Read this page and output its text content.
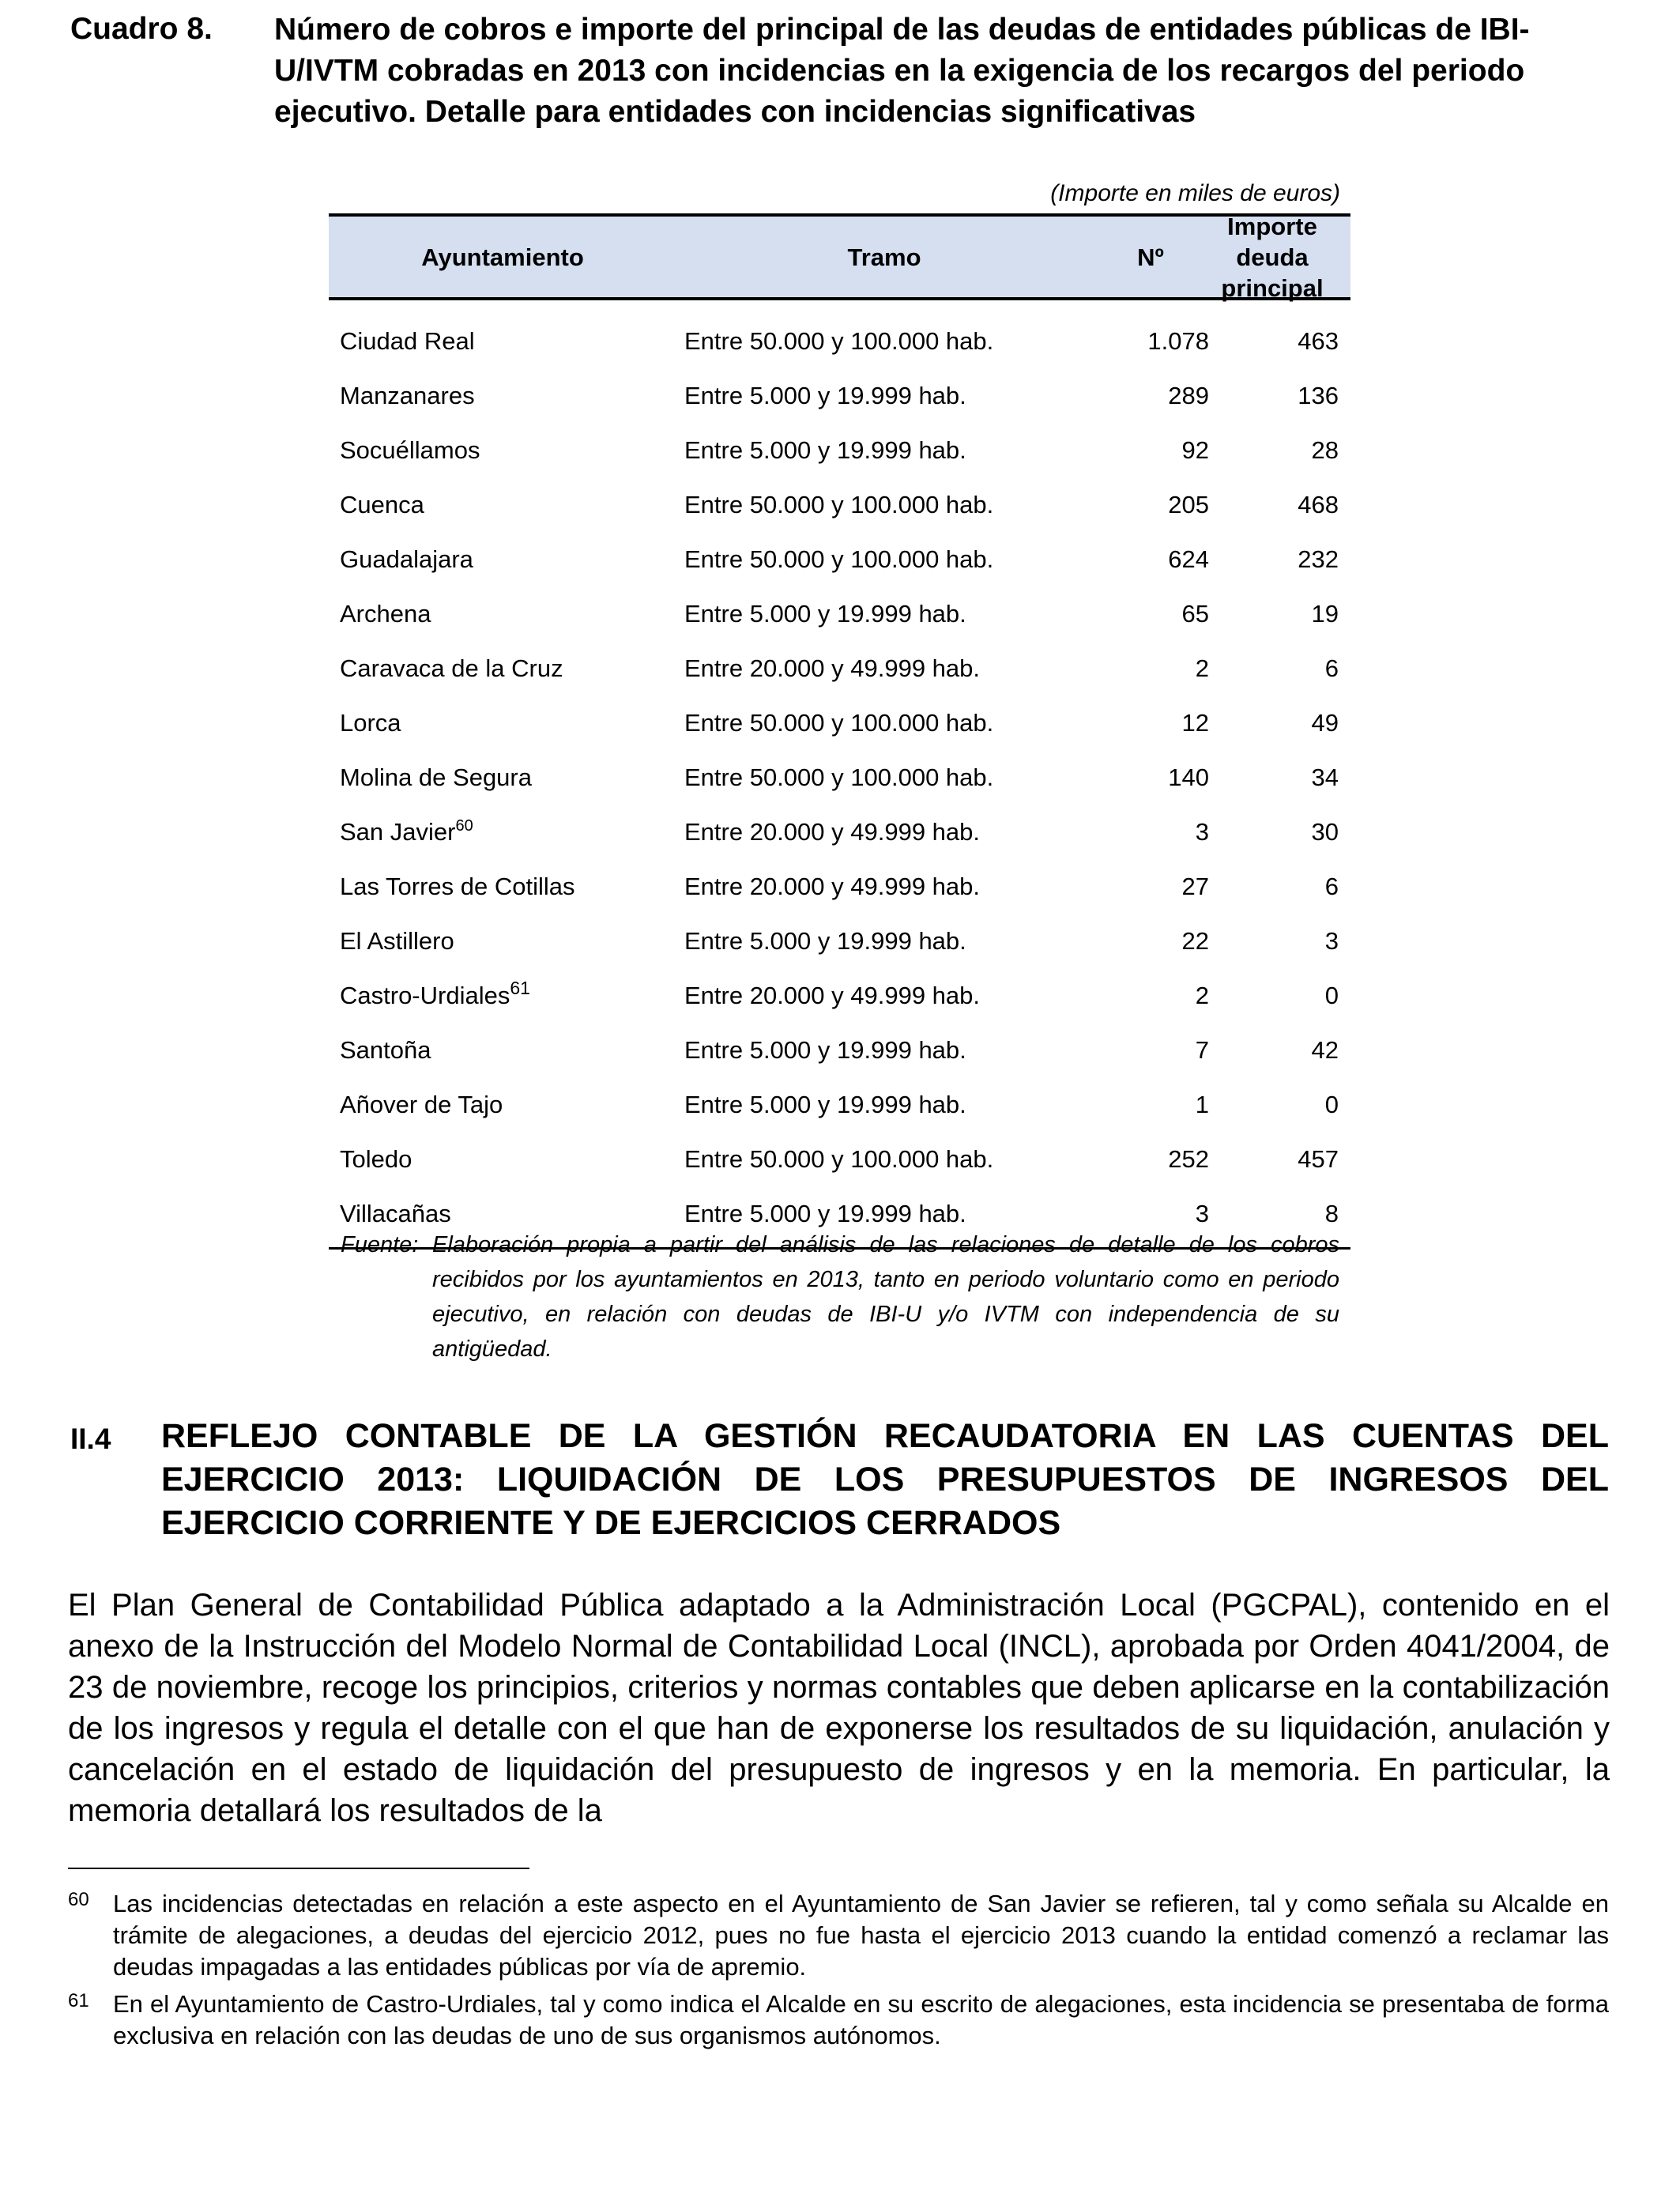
Cuadro 8. Número de cobros e importe del principal de las deudas de entidades públicas de IBI-U/IVTM cobradas en 2013 con incidencias en la exigencia de los recargos del periodo ejecutivo. Detalle para entidades con incidencias significativas
(Importe en miles de euros)
Ayuntamiento	Tramo	Nº
Importe deuda
principal
Ciudad Real	Entre 50.000 y 100.000 hab.	1.078	463
Manzanares	Entre 5.000 y 19.999 hab.	289	136
Socuéllamos	Entre 5.000 y 19.999 hab.	92	28
Cuenca	Entre 50.000 y 100.000 hab.	205	468
Guadalajara	Entre 50.000 y 100.000 hab.	624	232
Archena	Entre 5.000 y 19.999 hab.	65	19
Caravaca de la Cruz	Entre 20.000 y 49.999 hab.	2	6
Lorca	Entre 50.000 y 100.000 hab.	12	49
Molina de Segura	Entre 50.000 y 100.000 hab.	140	34
San Javier$^{60}$	Entre 20.000 y 49.999 hab.	3	30
Las Torres de Cotillas	Entre 20.000 y 49.999 hab.	27	6
El Astillero	Entre 5.000 y 19.999 hab.	22	3
Castro-Urdiales$^{61}$	Entre 20.000 y 49.999 hab.	2	0
Santoña	Entre 5.000 y 19.999 hab.	7	42
Añover de Tajo	Entre 5.000 y 19.999 hab.	1	0
Toledo	Entre 50.000 y 100.000 hab.	252	457
Villacañas	Entre 5.000 y 19.999 hab.	3	8
Fuente: Elaboración propia a partir del análisis de las relaciones de detalle de los cobros recibidos por los ayuntamientos en 2013, tanto en periodo voluntario como en periodo ejecutivo, en relación con deudas de IBI-U y/o IVTM con independencia de su antigüedad.
II.4 REFLEJO CONTABLE DE LA GESTIÓN RECAUDATORIA EN LAS CUENTAS DEL EJERCICIO 2013: LIQUIDACIÓN DE LOS PRESUPUESTOS DE INGRESOS DEL EJERCICIO CORRIENTE Y DE EJERCICIOS CERRADOS
El Plan General de Contabilidad Pública adaptado a la Administración Local (PGCPAL), contenido en el anexo de la Instrucción del Modelo Normal de Contabilidad Local (INCL), aprobada por Orden 4041/2004, de 23 de noviembre, recoge los principios, criterios y normas contables que deben aplicarse en la contabilización de los ingresos y regula el detalle con el que han de exponerse los resultados de su liquidación, anulación y cancelación en el estado de liquidación del presupuesto de ingresos y en la memoria. En particular, la memoria detallará los resultados de la
60 Las incidencias detectadas en relación a este aspecto en el Ayuntamiento de San Javier se refieren, tal y como señala su Alcalde en trámite de alegaciones, a deudas del ejercicio 2012, pues no fue hasta el ejercicio 2013 cuando la entidad comenzó a reclamar las deudas impagadas a las entidades públicas por vía de apremio.
61 En el Ayuntamiento de Castro-Urdiales, tal y como indica el Alcalde en su escrito de alegaciones, esta incidencia se presentaba de forma exclusiva en relación con las deudas de uno de sus organismos autónomos.
